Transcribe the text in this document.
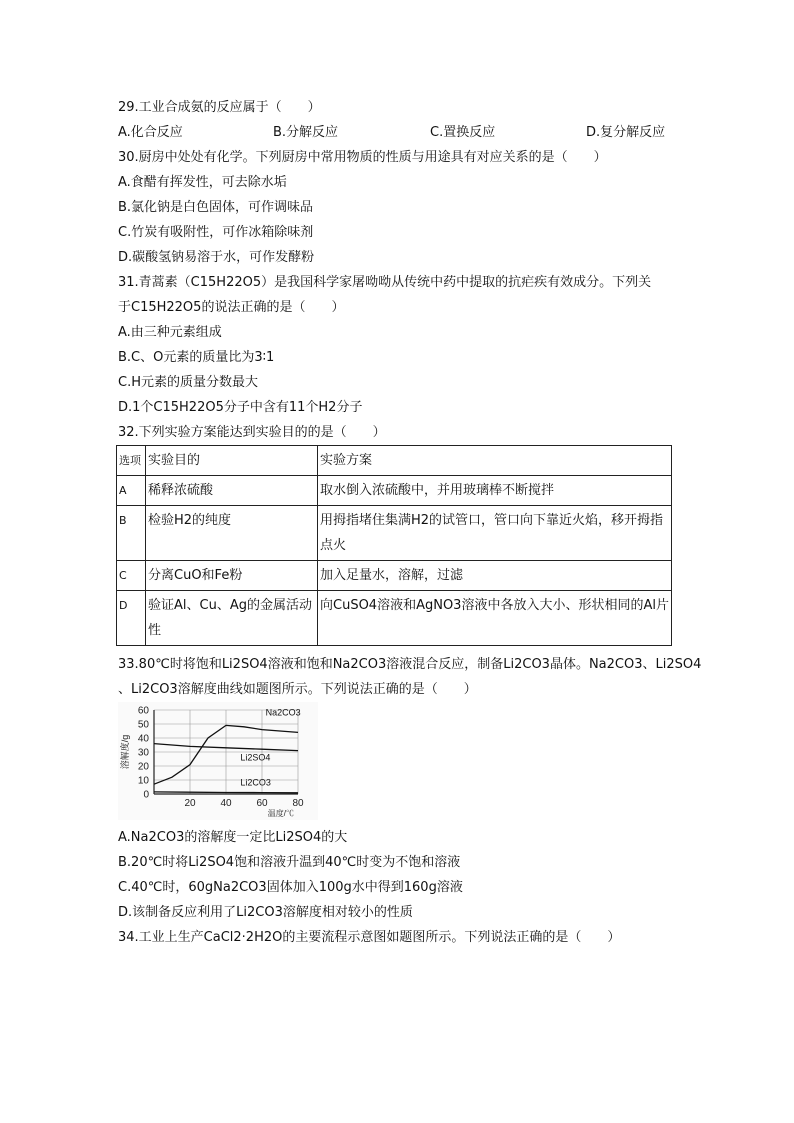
29.工业合成氨的反应属于（　　）
A.化合反应	B.分解反应	C.置换反应	D.复分解反应
30.厨房中处处有化学。下列厨房中常用物质的性质与用途具有对应关系的是（　　）
A.食醋有挥发性，可去除水垢
B.氯化钠是白色固体，可作调味品
C.竹炭有吸附性，可作冰箱除味剂
D.碳酸氢钠易溶于水，可作发酵粉
31.青蒿素（C15H22O5）是我国科学家屠呦呦从传统中药中提取的抗疟疾有效成分。下列关
于C15H22O5的说法正确的是（　　）
A.由三种元素组成
B.C、O元素的质量比为3∶1
C.H元素的质量分数最大
D.1个C15H22O5分子中含有11个H2分子
32.下列实验方案能达到实验目的的是（　　）
选项	实验目的	实验方案
A	稀释浓硫酸	取水倒入浓硫酸中，并用玻璃棒不断搅拌
B	检验H2的纯度	用拇指堵住集满H2的试管口，管口向下靠近火焰，移开拇指点火
C	分离CuO和Fe粉	加入足量水，溶解，过滤
D	验证Al、Cu、Ag的金属活动性	向CuSO4溶液和AgNO3溶液中各放入大小、形状相同的Al片
33.80℃时将饱和Li2SO4溶液和饱和Na2CO3溶液混合反应，制备Li2CO3晶体。Na2CO3、Li2SO4
、Li2CO3溶解度曲线如题图所示。下列说法正确的是（　　）
60
50
40
30
20
10
0
20 40 60 80
溶解度/g
温度/℃
Na2CO3
Li2SO4
Li2CO3
A.Na2CO3的溶解度一定比Li2SO4的大
B.20℃时将Li2SO4饱和溶液升温到40℃时变为不饱和溶液
C.40℃时，60gNa2CO3固体加入100g水中得到160g溶液
D.该制备反应利用了Li2CO3溶解度相对较小的性质
34.工业上生产CaCl2·2H2O的主要流程示意图如题图所示。下列说法正确的是（　　）
